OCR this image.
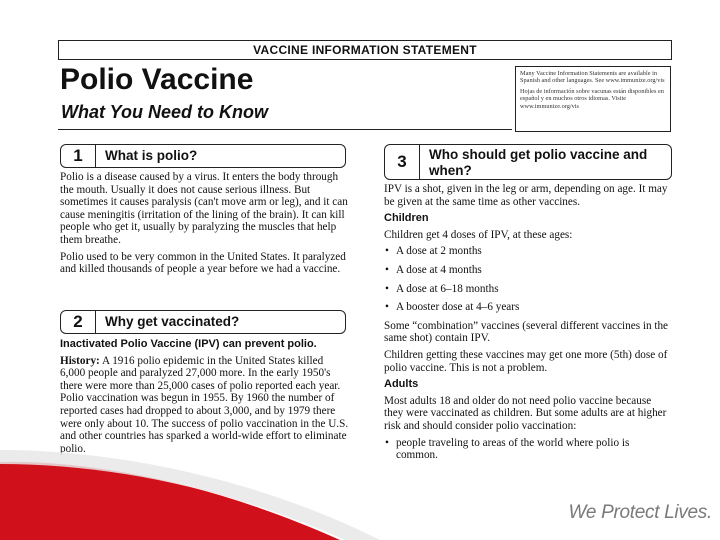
VACCINE INFORMATION STATEMENT
Polio Vaccine
What You Need to Know

Many Vaccine Information Statements are available in Spanish and other languages. See www.immunize.org/vis

Hojas de información sobre vacunas están disponibles en español y en muchos otros idiomas. Visite www.immunize.org/vis

1	What is polio?

Polio is a disease caused by a virus. It enters the body through the mouth. Usually it does not cause serious illness. But sometimes it causes paralysis (can't move arm or leg), and it can cause meningitis (irritation of the lining of the brain). It can kill people who get it, usually by paralyzing the muscles that help them breathe.

Polio used to be very common in the United States. It paralyzed and killed thousands of people a year before we had a vaccine.

2	Why get vaccinated?

Inactivated Polio Vaccine (IPV) can prevent polio.

History: A 1916 polio epidemic in the United States killed 6,000 people and paralyzed 27,000 more. In the early 1950's there were more than 25,000 cases of polio reported each year. Polio vaccination was begun in 1955. By 1960 the number of reported cases had dropped to about 3,000, and by 1979 there were only about 10. The success of polio vaccination in the U.S. and other countries has sparked a world-wide effort to eliminate polio.

3	Who should get polio vaccine and when?

IPV is a shot, given in the leg or arm, depending on age. It may be given at the same time as other vaccines.

Children

Children get 4 doses of IPV, at these ages:

• A dose at 2 months
• A dose at 4 months
• A dose at 6–18 months
• A booster dose at 4–6 years

Some “combination” vaccines (several different vaccines in the same shot) contain IPV.

Children getting these vaccines may get one more (5th) dose of polio vaccine. This is not a problem.

Adults

Most adults 18 and older do not need polio vaccine because they were vaccinated as children. But some adults are at higher risk and should consider polio vaccination:

• people traveling to areas of the world where polio is common.
We Protect Lives.
